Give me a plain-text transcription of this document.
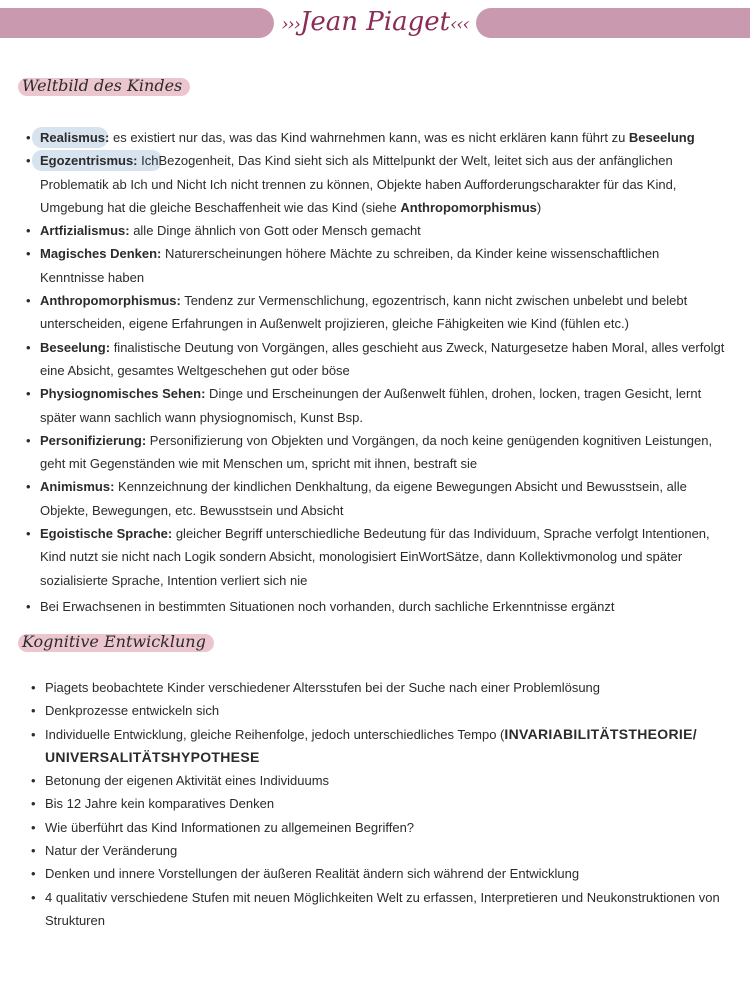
›››Jean Piaget‹‹‹
Weltbild des Kindes
• Realismus: es existiert nur das, was das Kind wahrnehmen kann, was es nicht erklären kann führt zu Beseelung
• Egozentrismus: IchBezogenheit, Das Kind sieht sich als Mittelpunkt der Welt, leitet sich aus der anfänglichen Problematik ab Ich und Nicht Ich nicht trennen zu können, Objekte haben Aufforderungscharakter für das Kind, Umgebung hat die gleiche Beschaffenheit wie das Kind (siehe Anthropomorphismus)
• Artfizialismus: alle Dinge ähnlich von Gott oder Mensch gemacht
• Magisches Denken: Naturerscheinungen höhere Mächte zu schreiben, da Kinder keine wissenschaftlichen Kenntnisse haben
• Anthropomorphismus: Tendenz zur Vermenschlichung, egozentrisch, kann nicht zwischen unbelebt und belebt unterscheiden, eigene Erfahrungen in Außenwelt projizieren, gleiche Fähigkeiten wie Kind (fühlen etc.)
• Beseelung: finalistische Deutung von Vorgängen, alles geschieht aus Zweck, Naturgesetze haben Moral, alles verfolgt eine Absicht, gesamtes Weltgeschehen gut oder böse
• Physiognomisches Sehen: Dinge und Erscheinungen der Außenwelt fühlen, drohen, locken, tragen Gesicht, lernt später wann sachlich wann physiognomisch, Kunst Bsp.
• Personifizierung: Personifizierung von Objekten und Vorgängen, da noch keine genügenden kognitiven Leistungen, geht mit Gegenständen wie mit Menschen um, spricht mit ihnen, bestraft sie
• Animismus: Kennzeichnung der kindlichen Denkhaltung, da eigene Bewegungen Absicht und Bewusstsein, alle Objekte, Bewegungen, etc. Bewusstsein und Absicht
• Egoistische Sprache: gleicher Begriff unterschiedliche Bedeutung für das Individuum, Sprache verfolgt Intentionen, Kind nutzt sie nicht nach Logik sondern Absicht, monologisiert EinWortSätze, dann Kollektivmonolog und später sozialisierte Sprache, Intention verliert sich nie
• Bei Erwachsenen in bestimmten Situationen noch vorhanden, durch sachliche Erkenntnisse ergänzt
Kognitive Entwicklung
• Piagets beobachtete Kinder verschiedener Altersstufen bei der Suche nach einer Problemlösung
• Denkprozesse entwickeln sich
• Individuelle Entwicklung, gleiche Reihenfolge, jedoch unterschiedliches Tempo (INVARIABILITÄTSTHEORIE/ UNIVERSALITÄTSHYPOTHESE
• Betonung der eigenen Aktivität eines Individuums
• Bis 12 Jahre kein komparatives Denken
• Wie überführt das Kind Informationen zu allgemeinen Begriffen?
• Natur der Veränderung
• Denken und innere Vorstellungen der äußeren Realität ändern sich während der Entwicklung
• 4 qualitativ verschiedene Stufen mit neuen Möglichkeiten Welt zu erfassen, Interpretieren und Neukonstruktionen von Strukturen
